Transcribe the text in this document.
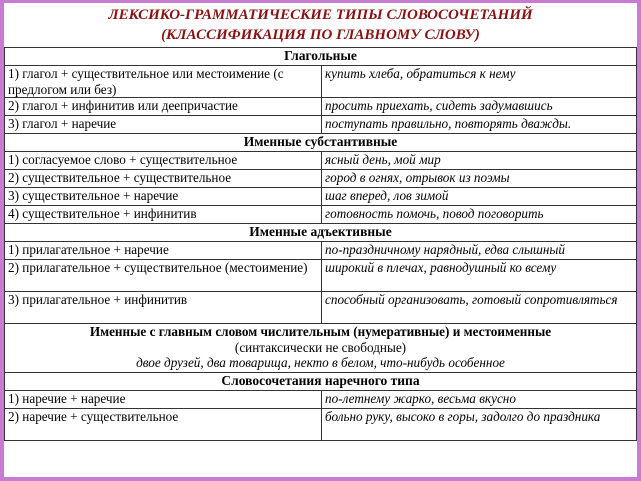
ЛЕКСИКО-ГРАММАТИЧЕСКИЕ ТИПЫ СЛОВОСОЧЕТАНИЙ
(КЛАССИФИКАЦИЯ ПО ГЛАВНОМУ СЛОВУ)
Глагольные	
1) глагол + существительное или местоимение (с предлогом или без)	купить хлеба, обратиться к нему
2) глагол + инфинитив или деепричастие	просить приехать, сидеть задумавшись
3) глагол + наречие	поступать правильно, повторять дважды.
Именные субстантивные	
1) согласуемое слово + существительное	ясный день, мой мир
2) существительное + существительное	город в огнях, отрывок из поэмы
3) существительное + наречие	шаг вперед, лов зимой
4) существительное + инфинитив	готовность помочь, повод поговорить
Именные адъективные	
1) прилагательное + наречие	по-праздничному нарядный, едва слышный
2) прилагательное + существительное (местоимение)	широкий в плечах, равнодушный ко всему
3) прилагательное + инфинитив	способный организовать, готовый сопротивляться

Именные с главным словом числительным (нумеративные) и местоименные
(синтаксически не свободные)
двое друзей, два товарища, некто в белом, что-нибудь особенное	

Словосочетания наречного типа	
1) наречие + наречие	по-летнему жарко, весьма вкусно
2) наречие + существительное	больно руку, высоко в горы, задолго до праздника
